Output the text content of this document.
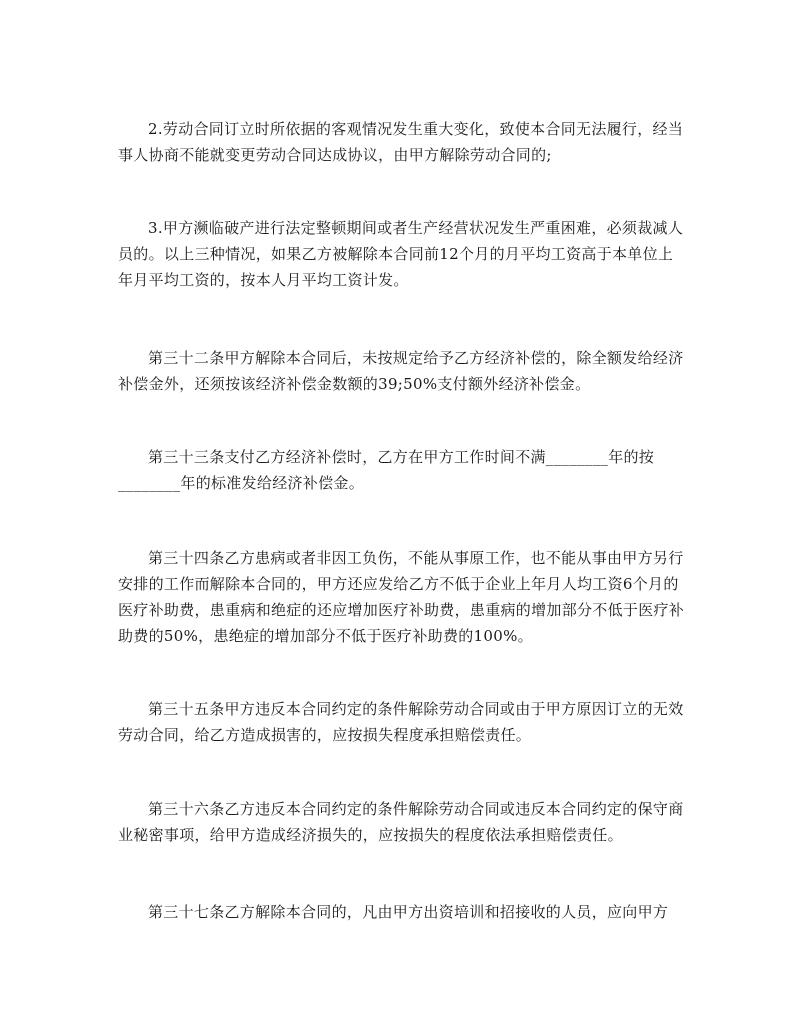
2.劳动合同订立时所依据的客观情况发生重大变化，致使本合同无法履行，经当事人协商不能就变更劳动合同达成协议，由甲方解除劳动合同的;

3.甲方濒临破产进行法定整顿期间或者生产经营状况发生严重困难，必须裁减人员的。以上三种情况，如果乙方被解除本合同前12个月的月平均工资高于本单位上年月平均工资的，按本人月平均工资计发。

第三十二条甲方解除本合同后，未按规定给予乙方经济补偿的，除全额发给经济补偿金外，还须按该经济补偿金数额的39;50%支付额外经济补偿金。

第三十三条支付乙方经济补偿时，乙方在甲方工作时间不满________年的按________年的标准发给经济补偿金。

第三十四条乙方患病或者非因工负伤，不能从事原工作，也不能从事由甲方另行安排的工作而解除本合同的，甲方还应发给乙方不低于企业上年月人均工资6个月的医疗补助费，患重病和绝症的还应增加医疗补助费，患重病的增加部分不低于医疗补助费的50%，患绝症的增加部分不低于医疗补助费的100%。

第三十五条甲方违反本合同约定的条件解除劳动合同或由于甲方原因订立的无效劳动合同，给乙方造成损害的，应按损失程度承担赔偿责任。

第三十六条乙方违反本合同约定的条件解除劳动合同或违反本合同约定的保守商业秘密事项，给甲方造成经济损失的，应按损失的程度依法承担赔偿责任。

第三十七条乙方解除本合同的，凡由甲方出资培训和招接收的人员，应向甲方
